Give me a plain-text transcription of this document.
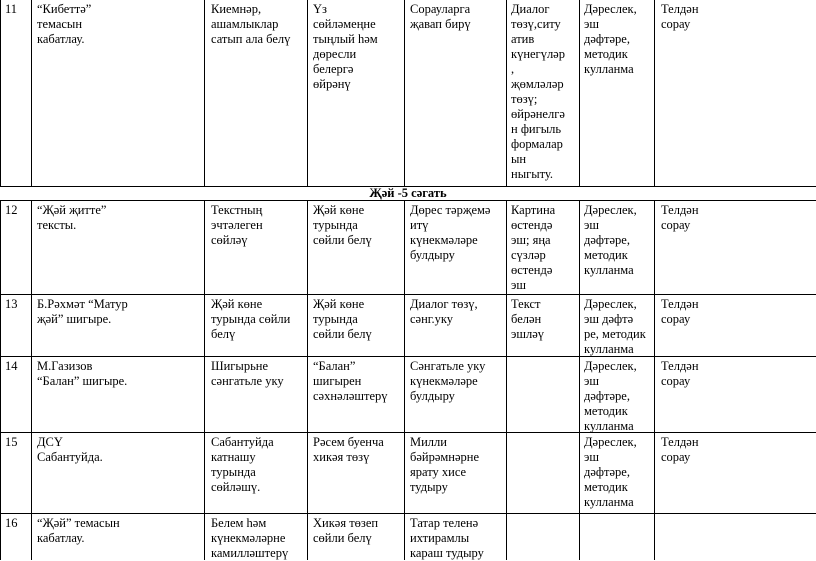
11 “Кибеттә”
темасын
кабатлау.
Киемнәр,
ашамлыклар
сатып ала белү
Үз
сөйләмеңне
тыңлый һәм
дөресли
белергә
өйрәнү
Сорауларга
җавап бирү
Диалог
төзү,ситу
атив
күнегүләр
,
җөмләләр
төзү;
өйрәнелгә
н фигыль
формалар
ын
ныгыту.
Дәреслек,
эш
дәфтәре,
методик
кулланма
Телдән
сорау
Җәй -5 сәгать
12 “Җәй җитте”
тексты.
Текстның
эчтәлеген
сөйләү
Җәй көне
турында
сөйли белү
Дөрес тәрҗемә
итү
күнекмәләре
булдыру
Картина
өстендә
эш; яңа
сүзләр
өстендә
эш
Дәреслек,
эш
дәфтәре,
методик
кулланма
Телдән
сорау
13 Б.Рәхмәт “Матур
җәй” шигыре.
Җәй көне
турында сөйли
белү
Җәй көне
турында
сөйли белү
Диалог төзү,
сәнг.уку
Текст
белән
эшләү
Дәреслек,
эш дәфтә
ре, методик
кулланма
Телдән
сорау
14 М.Газизов
“Балан” шигыре.
Шигырьне
сәнгатьле уку
“Балан”
шигырен
сәхнәләштерү
Сәнгатьле уку
күнекмәләре
булдыру
Дәреслек,
эш
дәфтәре,
методик
кулланма
Телдән
сорау
15 ДСҮ
Сабантуйда.
Сабантуйда
катнашу
турында
сөйләшү.
Рәсем буенча
хикәя төзү
Милли
бәйрәмнәрне
ярату хисе
тудыру
Дәреслек,
эш
дәфтәре,
методик
кулланма
Телдән
сорау
16 “Җәй” темасын
кабатлау.
Белем һәм
күнекмәләрне
камилләштерү
Хикәя төзеп
сөйли белү
Татар теленә
ихтирамлы
караш тудыру
